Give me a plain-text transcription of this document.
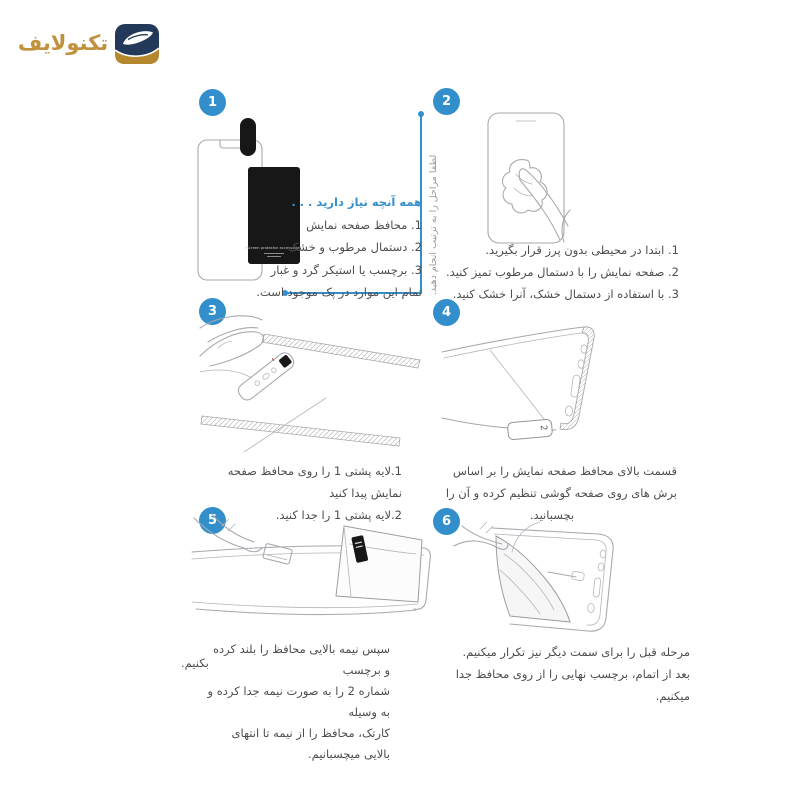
تکنولایف
1	2
3	4
5	6
لطفا مراحل را به ترتیب انجام دهید.
(Screen protector accessories)
2
همه آنچه نیاز دارید . . .
1. محافظ صفحه نمایش
2. دستمال مرطوب و خشک
3. برچسب یا استیکر گرد و غبار
تمام این موارد در پک موجود است.
1. ابتدا در محیطی بدون پرز قرار بگیرید.
2. صفحه نمایش را با دستمال مرطوب تمیز کنید.
3. با استفاده از دستمال خشک، آنرا خشک کنید.
1.لایه پشتی 1 را روی محافظ صفحه نمایش پیدا کنید
2.لایه پشتی 1 را جدا کنید.
قسمت بالای محافظ صفحه نمایش را بر اساس
برش های روی صفحه گوشی تنظیم کرده و آن را
بچسبانید.
سپس نیمه بالایی محافظ را بلند کرده و برچسب
شماره 2 را به صورت نیمه جدا کرده و به وسیله
کارتک، محافظ را از نیمه تا انتهای بالایی میچسبانیم.
بکنیم.
مرحله قبل را برای سمت دیگر نیز تکرار میکنیم.
بعد از اتمام، برچسب نهایی را از روی محافظ جدا میکنیم.
